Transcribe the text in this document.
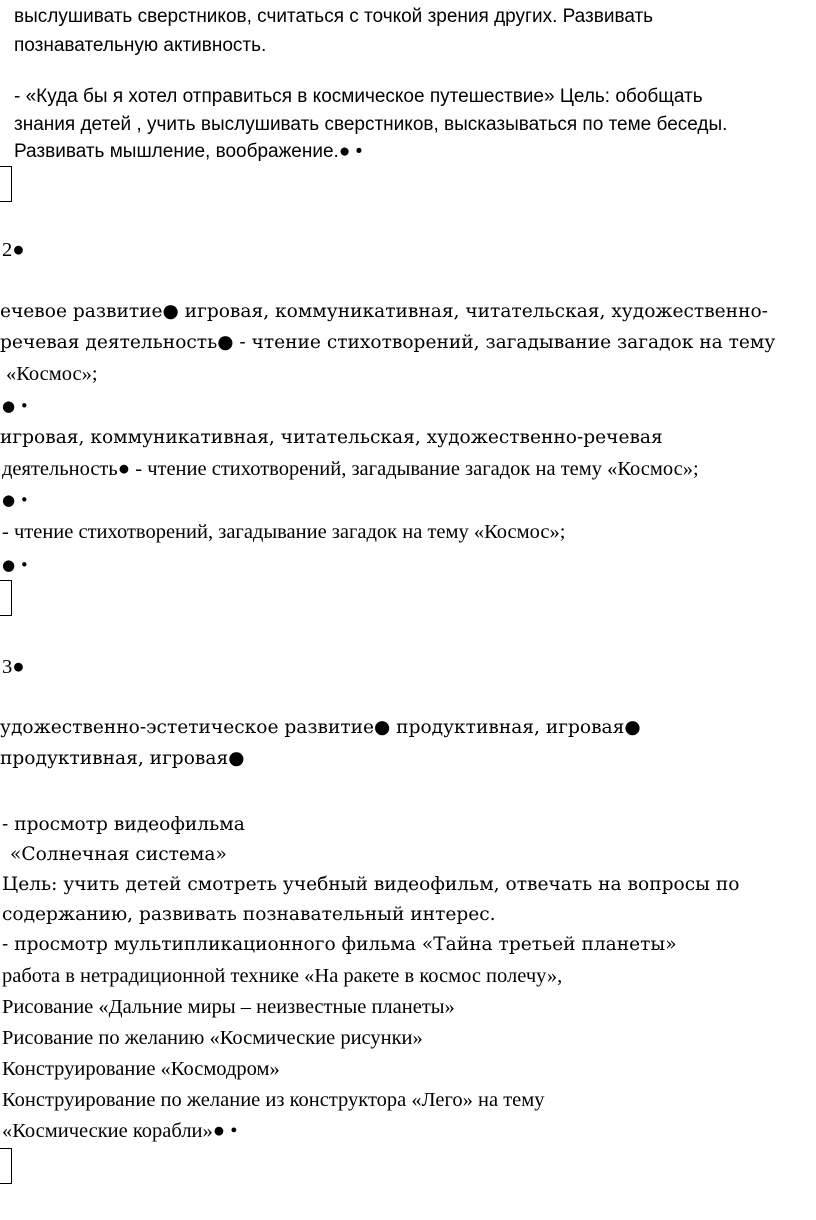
выслушивать сверстников, считаться с точкой зрения других. Развивать
познавательную активность.
- «Куда бы я хотел отправиться в космическое путешествие» Цель: обобщать
знания детей , учить выслушивать сверстников, высказываться по теме беседы.
Развивать мышление, воображение.● •
2●
ечевое развитие● игровая, коммуникативная, читательская, художественно-
речевая деятельность● - чтение стихотворений, загадывание загадок на тему
«Космос»;
● •
игровая, коммуникативная, читательская, художественно-речевая
деятельность● - чтение стихотворений, загадывание загадок на тему «Космос»;
● •
- чтение стихотворений, загадывание загадок на тему «Космос»;
● •
3●
удожественно-эстетическое развитие● продуктивная, игровая●
продуктивная, игровая●
- просмотр видеофильма
«Солнечная система»
Цель: учить детей смотреть учебный видеофильм, отвечать на вопросы по
содержанию, развивать познавательный интерес.
- просмотр мультипликационного фильма «Тайна третьей планеты»
работа в нетрадиционной технике «На ракете в космос полечу»,
Рисование «Дальние миры – неизвестные планеты»
Рисование по желанию «Космические рисунки»
Конструирование «Космодром»
Конструирование по желание из конструктора «Лего» на тему
«Космические корабли»● •
